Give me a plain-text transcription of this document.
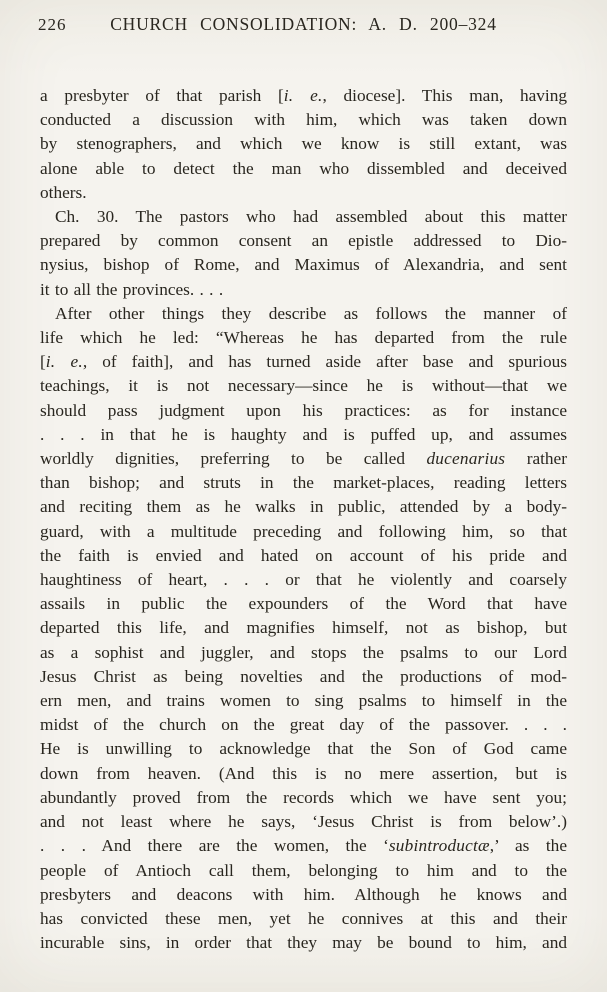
226	CHURCH CONSOLIDATION: A. D. 200–324
a presbyter of that parish [i. e., diocese]. This man, having
conducted a discussion with him, which was taken down
by stenographers, and which we know is still extant, was
alone able to detect the man who dissembled and deceived
others.
Ch. 30. The pastors who had assembled about this matter
prepared by common consent an epistle addressed to Dio-
nysius, bishop of Rome, and Maximus of Alexandria, and sent
it to all the provinces. . . .
After other things they describe as follows the manner of
life which he led: “Whereas he has departed from the rule
[i. e., of faith], and has turned aside after base and spurious
teachings, it is not necessary—since he is without—that we
should pass judgment upon his practices: as for instance
. . . in that he is haughty and is puffed up, and assumes
worldly dignities, preferring to be called ducenarius rather
than bishop; and struts in the market-places, reading letters
and reciting them as he walks in public, attended by a body-
guard, with a multitude preceding and following him, so that
the faith is envied and hated on account of his pride and
haughtiness of heart, . . . or that he violently and coarsely
assails in public the expounders of the Word that have
departed this life, and magnifies himself, not as bishop, but
as a sophist and juggler, and stops the psalms to our Lord
Jesus Christ as being novelties and the productions of mod-
ern men, and trains women to sing psalms to himself in the
midst of the church on the great day of the passover. . . .
He is unwilling to acknowledge that the Son of God came
down from heaven. (And this is no mere assertion, but is
abundantly proved from the records which we have sent you;
and not least where he says, ‘Jesus Christ is from below’.)
. . . And there are the women, the ‘subintroductæ,’ as the
people of Antioch call them, belonging to him and to the
presbyters and deacons with him. Although he knows and
has convicted these men, yet he connives at this and their
incurable sins, in order that they may be bound to him, and
